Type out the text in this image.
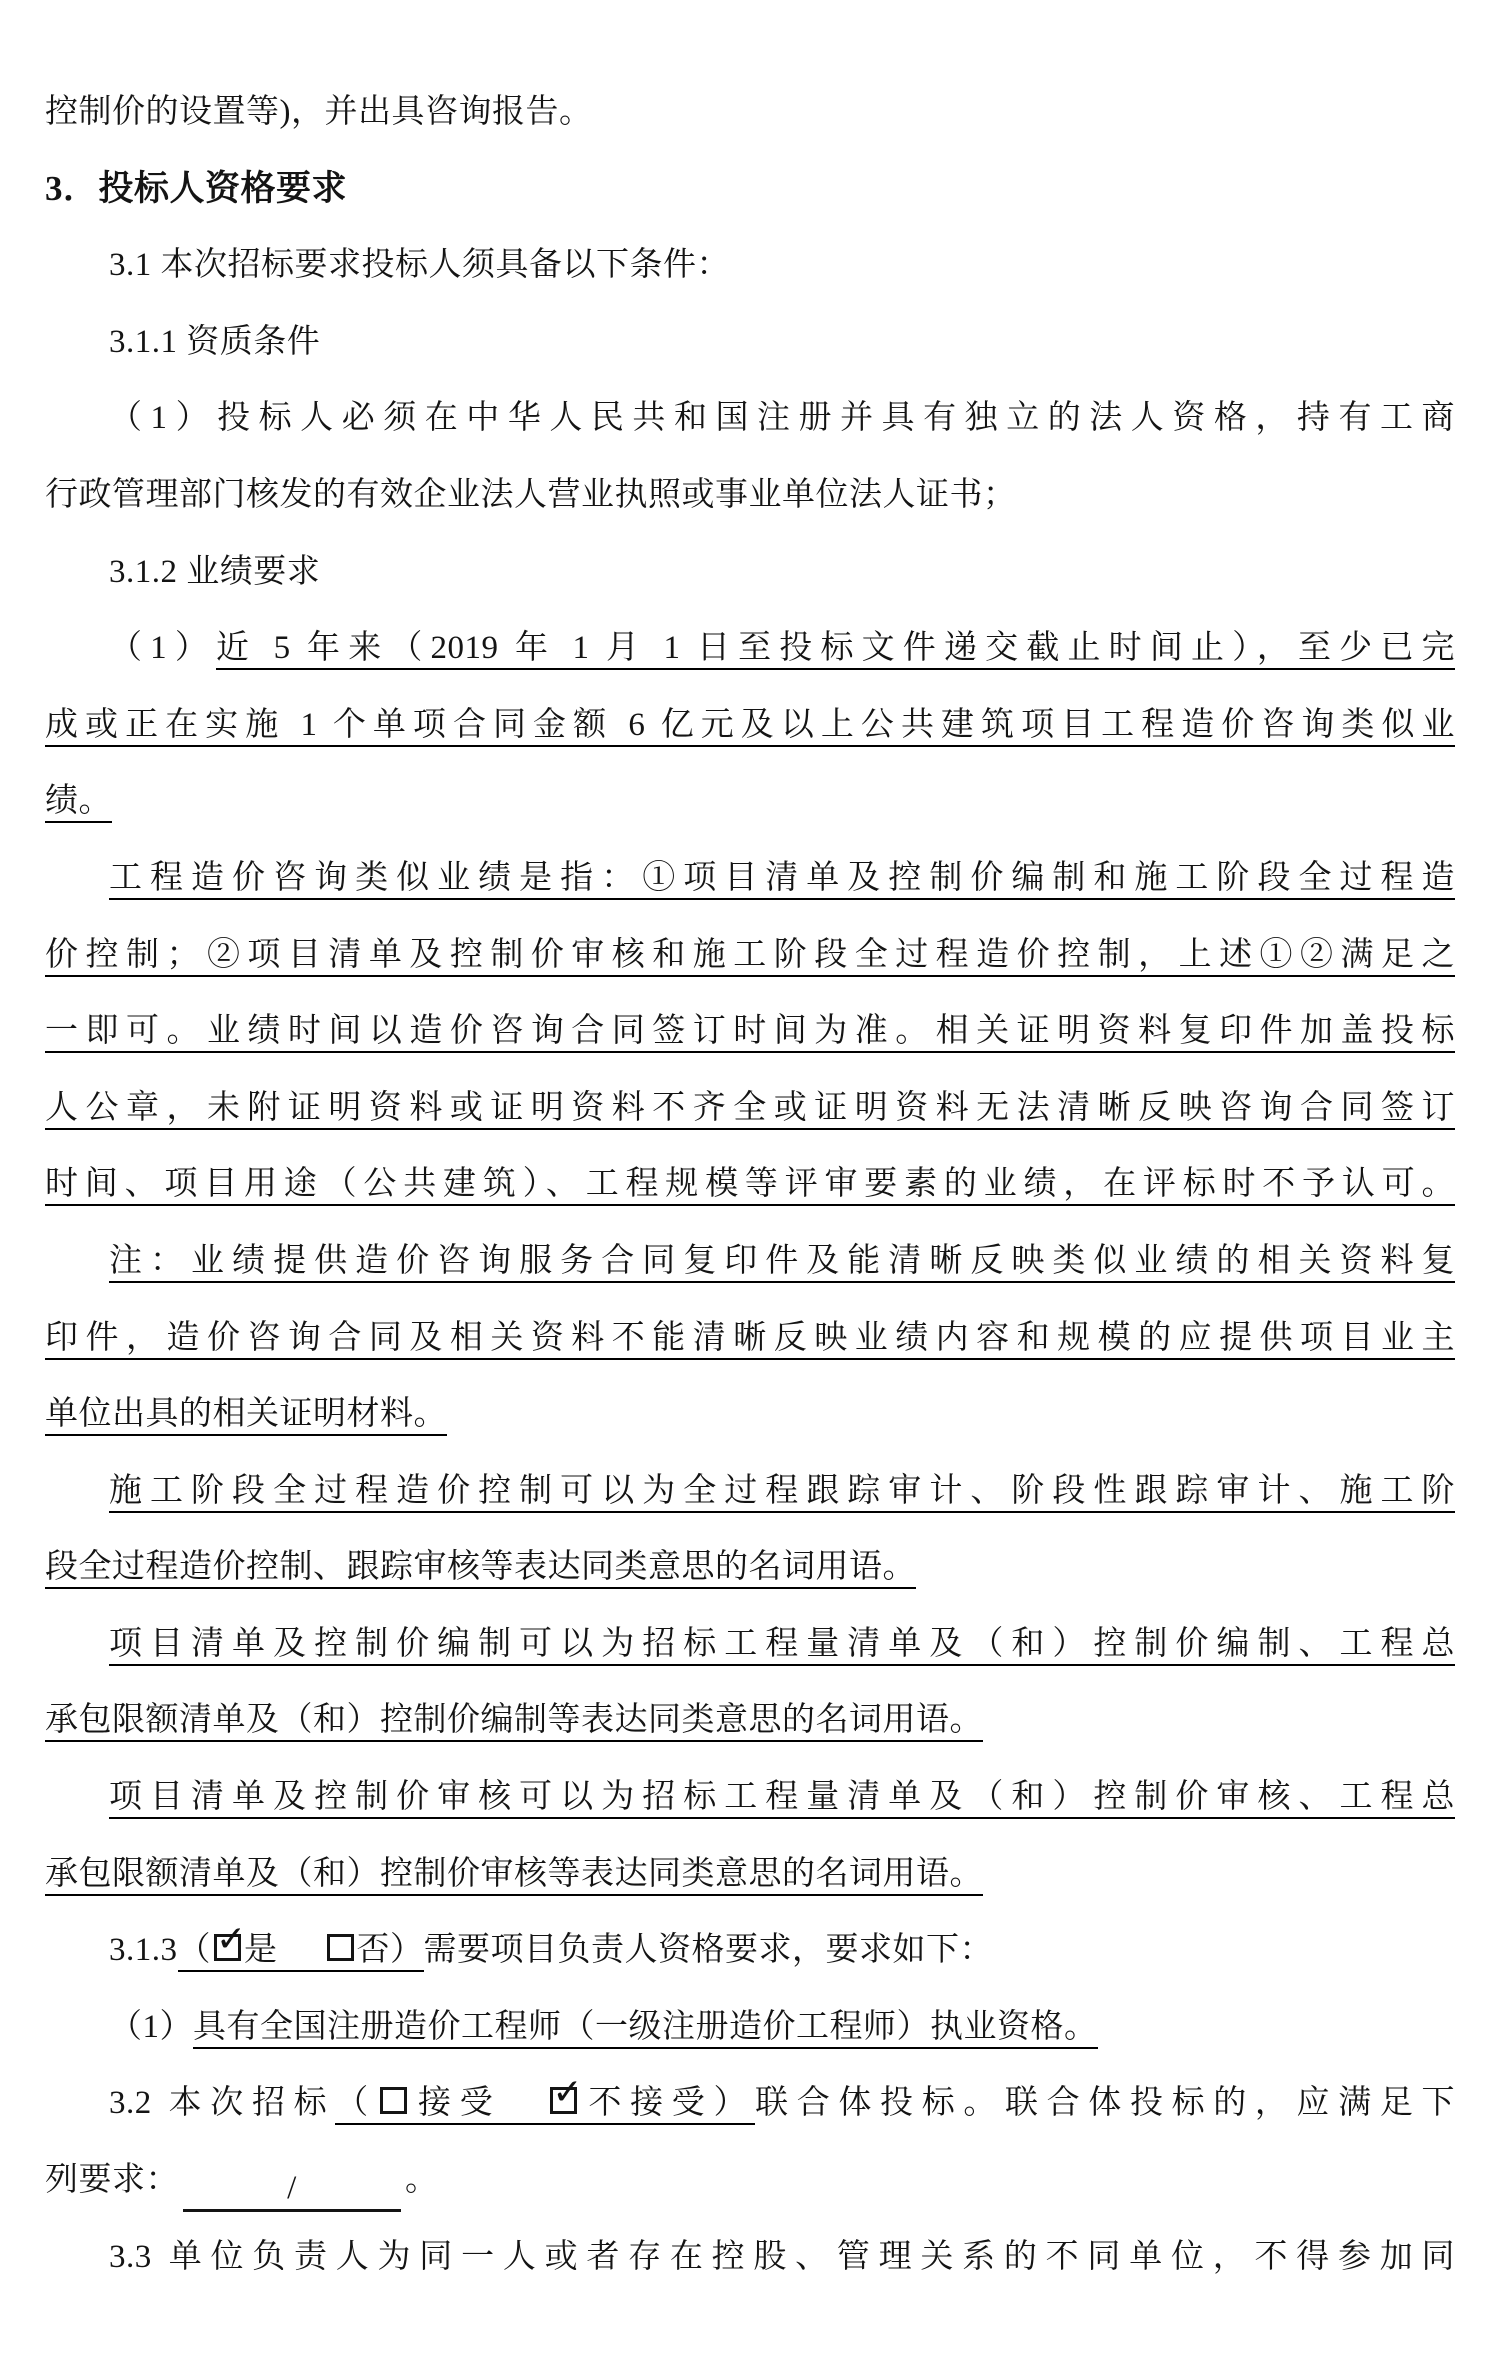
控制价的设置等)，并出具咨询报告。
3．投标人资格要求
3.1 本次招标要求投标人须具备以下条件：
3.1.1 资质条件
（1）投标人必须在中华人民共和国注册并具有独立的法人资格，持有工商
行政管理部门核发的有效企业法人营业执照或事业单位法人证书；
3.1.2 业绩要求
（1）近 5 年来（2019 年 1 月 1 日至投标文件递交截止时间止），至少已完
成或正在实施 1 个单项合同金额 6 亿元及以上公共建筑项目工程造价咨询类似业
绩。
工程造价咨询类似业绩是指：①项目清单及控制价编制和施工阶段全过程造
价控制；②项目清单及控制价审核和施工阶段全过程造价控制，上述①②满足之
一即可。业绩时间以造价咨询合同签订时间为准。相关证明资料复印件加盖投标
人公章，未附证明资料或证明资料不齐全或证明资料无法清晰反映咨询合同签订
时间、项目用途（公共建筑）、工程规模等评审要素的业绩，在评标时不予认可。
注：业绩提供造价咨询服务合同复印件及能清晰反映类似业绩的相关资料复
印件，造价咨询合同及相关资料不能清晰反映业绩内容和规模的应提供项目业主
单位出具的相关证明材料。
施工阶段全过程造价控制可以为全过程跟踪审计、阶段性跟踪审计、施工阶
段全过程造价控制、跟踪审核等表达同类意思的名词用语。
项目清单及控制价编制可以为招标工程量清单及（和）控制价编制、工程总
承包限额清单及（和）控制价编制等表达同类意思的名词用语。
项目清单及控制价审核可以为招标工程量清单及（和）控制价审核、工程总
承包限额清单及（和）控制价审核等表达同类意思的名词用语。
3.1.3（ ✓
是 否）需要项目负责人资格要求，要求如下：
（1）具有全国注册造价工程师（一级注册造价工程师）执业资格。
3.2 本次招标（ 接受 ✓
不接受）联合体投标。联合体投标的，应满足下
列要求：	/	。
3.3 单位负责人为同一人或者存在控股、管理关系的不同单位，不得参加同
